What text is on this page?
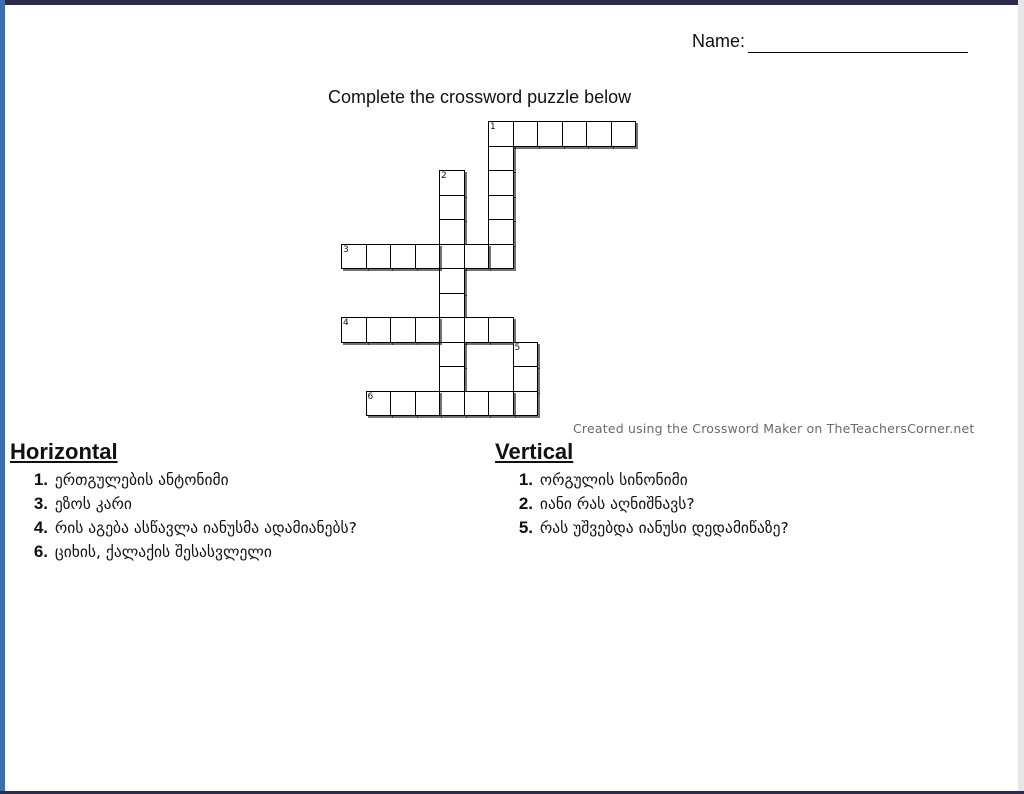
Name:
Complete the crossword puzzle below
1
2
3
4
5
6
Created using the Crossword Maker on TheTeachersCorner.net
Horizontal
1. ერთგულების ანტონიმი
3. ეზოს კარი
4. რის აგება ასწავლა იანუსმა ადამიანებს?
6. ციხის, ქალაქის შესასვლელი
Vertical
1. ორგულის სინონიმი
2. იანი რას აღნიშნავს?
5. რას უშვებდა იანუსი დედამიწაზე?
